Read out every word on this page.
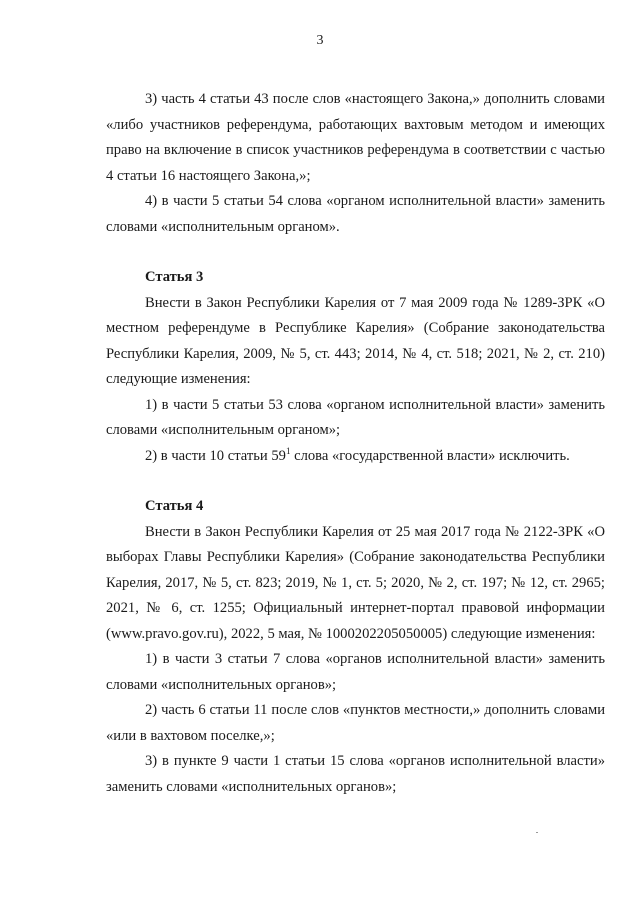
3

3) часть 4 статьи 43 после слов «настоящего Закона,» дополнить словами «либо участников референдума, работающих вахтовым методом и имеющих право на включение в список участников референдума в соответствии с частью 4 статьи 16 настоящего Закона,»;

4) в части 5 статьи 54 слова «органом исполнительной власти» заменить словами «исполнительным органом».

Статья 3

Внести в Закон Республики Карелия от 7 мая 2009 года № 1289-ЗРК «О местном референдуме в Республике Карелия» (Собрание законодательства Республики Карелия, 2009, № 5, ст. 443; 2014, № 4, ст. 518; 2021, № 2, ст. 210) следующие изменения:

1) в части 5 статьи 53 слова «органом исполнительной власти» заменить словами «исполнительным органом»;

2) в части 10 статьи $59^1$ слова «государственной власти» исключить.

Статья 4

Внести в Закон Республики Карелия от 25 мая 2017 года № 2122-ЗРК «О выборах Главы Республики Карелия» (Собрание законодательства Республики Карелия, 2017, № 5, ст. 823; 2019, № 1, ст. 5; 2020, № 2, ст. 197; № 12, ст. 2965; 2021, № 6, ст. 1255; Официальный интернет-портал правовой информации (www.pravo.gov.ru), 2022, 5 мая, № 1000202205050005) следующие изменения:

1) в части 3 статьи 7 слова «органов исполнительной власти» заменить словами «исполнительных органов»;

2) часть 6 статьи 11 после слов «пунктов местности,» дополнить словами «или в вахтовом поселке,»;

3) в пункте 9 части 1 статьи 15 слова «органов исполнительной власти» заменить словами «исполнительных органов»;
